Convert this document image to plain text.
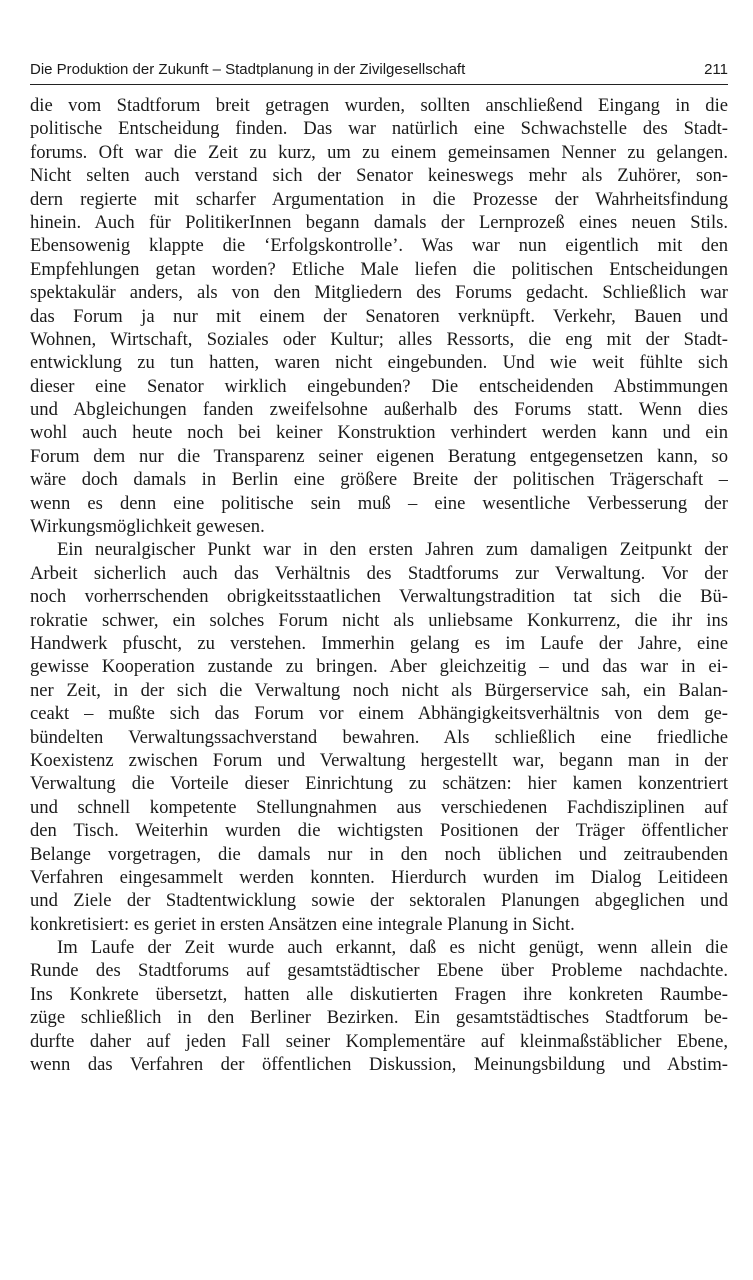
Die Produktion der Zukunft – Stadtplanung in der Zivilgesellschaft	211
die vom Stadtforum breit getragen wurden, sollten anschließend Eingang in die
politische Entscheidung finden. Das war natürlich eine Schwachstelle des Stadt-
forums. Oft war die Zeit zu kurz, um zu einem gemeinsamen Nenner zu gelangen.
Nicht selten auch verstand sich der Senator keineswegs mehr als Zuhörer, son-
dern regierte mit scharfer Argumentation in die Prozesse der Wahrheitsfindung
hinein. Auch für PolitikerInnen begann damals der Lernprozeß eines neuen Stils.
Ebensowenig klappte die ‘Erfolgskontrolle’. Was war nun eigentlich mit den
Empfehlungen getan worden? Etliche Male liefen die politischen Entscheidungen
spektakulär anders, als von den Mitgliedern des Forums gedacht. Schließlich war
das Forum ja nur mit einem der Senatoren verknüpft. Verkehr, Bauen und
Wohnen, Wirtschaft, Soziales oder Kultur; alles Ressorts, die eng mit der Stadt-
entwicklung zu tun hatten, waren nicht eingebunden. Und wie weit fühlte sich
dieser eine Senator wirklich eingebunden? Die entscheidenden Abstimmungen
und Abgleichungen fanden zweifelsohne außerhalb des Forums statt. Wenn dies
wohl auch heute noch bei keiner Konstruktion verhindert werden kann und ein
Forum dem nur die Transparenz seiner eigenen Beratung entgegensetzen kann, so
wäre doch damals in Berlin eine größere Breite der politischen Trägerschaft –
wenn es denn eine politische sein muß – eine wesentliche Verbesserung der
Wirkungsmöglichkeit gewesen.
Ein neuralgischer Punkt war in den ersten Jahren zum damaligen Zeitpunkt der
Arbeit sicherlich auch das Verhältnis des Stadtforums zur Verwaltung. Vor der
noch vorherrschenden obrigkeitsstaatlichen Verwaltungstradition tat sich die Bü-
rokratie schwer, ein solches Forum nicht als unliebsame Konkurrenz, die ihr ins
Handwerk pfuscht, zu verstehen. Immerhin gelang es im Laufe der Jahre, eine
gewisse Kooperation zustande zu bringen. Aber gleichzeitig – und das war in ei-
ner Zeit, in der sich die Verwaltung noch nicht als Bürgerservice sah, ein Balan-
ceakt – mußte sich das Forum vor einem Abhängigkeitsverhältnis von dem ge-
bündelten Verwaltungssachverstand bewahren. Als schließlich eine friedliche
Koexistenz zwischen Forum und Verwaltung hergestellt war, begann man in der
Verwaltung die Vorteile dieser Einrichtung zu schätzen: hier kamen konzentriert
und schnell kompetente Stellungnahmen aus verschiedenen Fachdisziplinen auf
den Tisch. Weiterhin wurden die wichtigsten Positionen der Träger öffentlicher
Belange vorgetragen, die damals nur in den noch üblichen und zeitraubenden
Verfahren eingesammelt werden konnten. Hierdurch wurden im Dialog Leitideen
und Ziele der Stadtentwicklung sowie der sektoralen Planungen abgeglichen und
konkretisiert: es geriet in ersten Ansätzen eine integrale Planung in Sicht.
Im Laufe der Zeit wurde auch erkannt, daß es nicht genügt, wenn allein die
Runde des Stadtforums auf gesamtstädtischer Ebene über Probleme nachdachte.
Ins Konkrete übersetzt, hatten alle diskutierten Fragen ihre konkreten Raumbe-
züge schließlich in den Berliner Bezirken. Ein gesamtstädtisches Stadtforum be-
durfte daher auf jeden Fall seiner Komplementäre auf kleinmaßstäblicher Ebene,
wenn das Verfahren der öffentlichen Diskussion, Meinungsbildung und Abstim-
